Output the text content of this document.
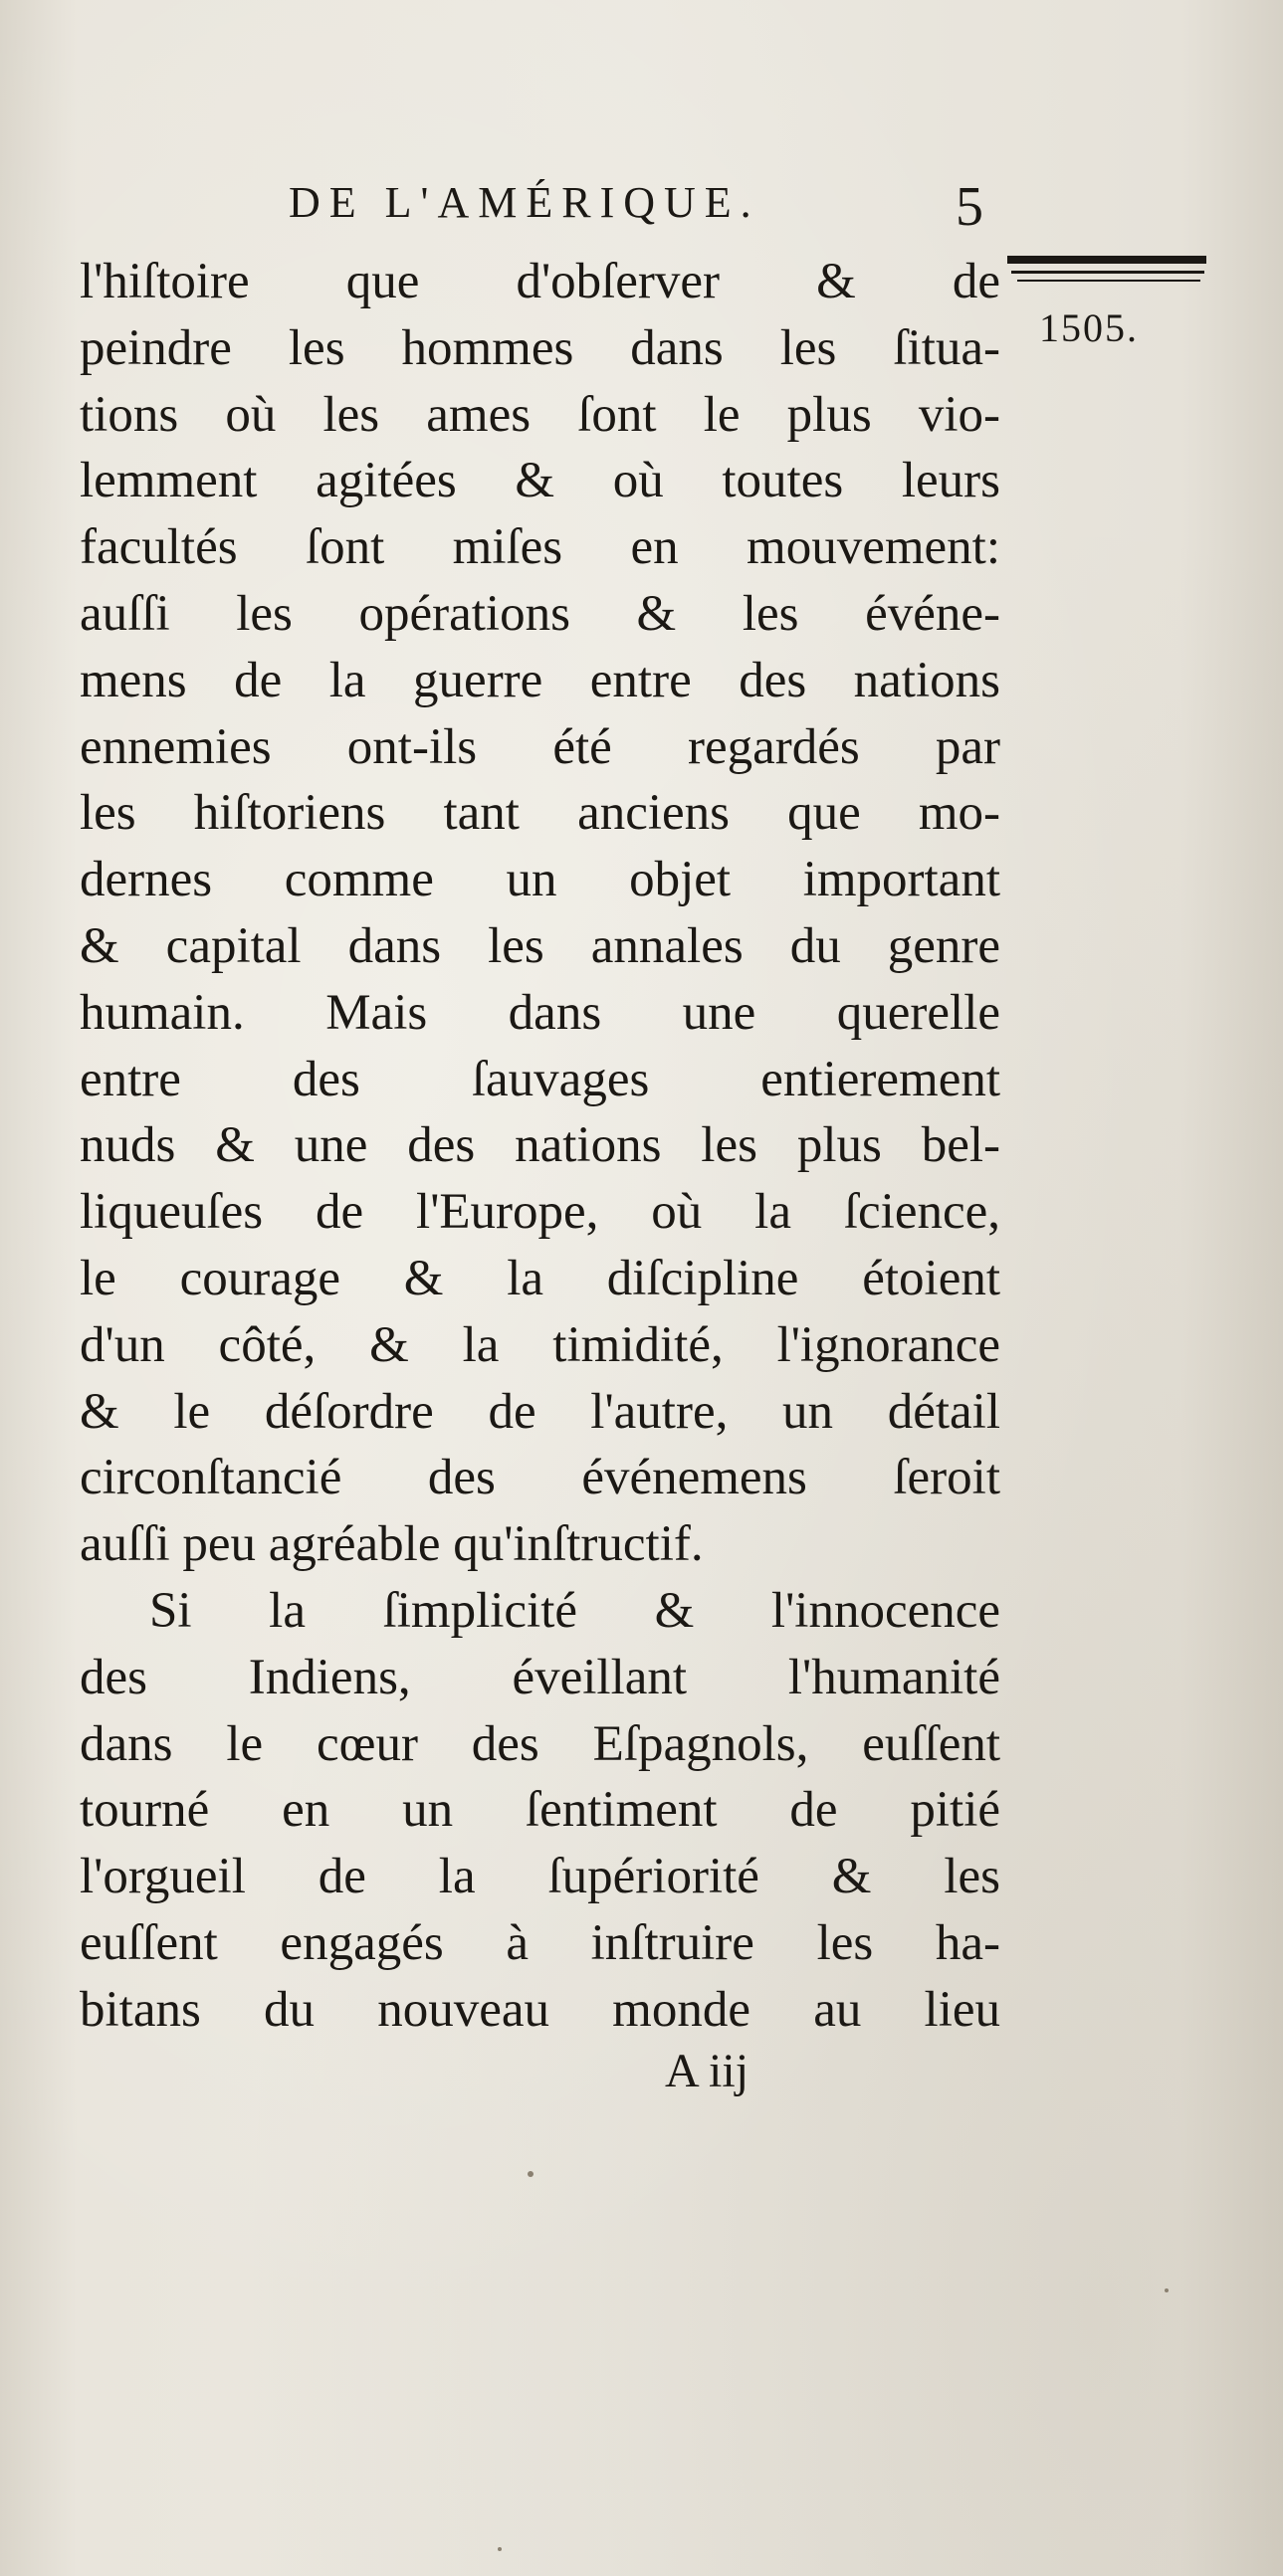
DE L'AMÉRIQUE.	5
1505.
l'hiſtoire que d'obſerver & de
peindre les hommes dans les ſitua-
tions où les ames ſont le plus vio-
lemment agitées & où toutes leurs
facultés ſont miſes en mouvement:
auſſi les opérations & les événe-
mens de la guerre entre des nations
ennemies ont-ils été regardés par
les hiſtoriens tant anciens que mo-
dernes comme un objet important
& capital dans les annales du genre
humain. Mais dans une querelle
entre des ſauvages entierement
nuds & une des nations les plus bel-
liqueuſes de l'Europe, où la ſcience,
le courage & la diſcipline étoient
d'un côté, & la timidité, l'ignorance
& le déſordre de l'autre, un détail
circonſtancié des événemens ſeroit
auſſi peu agréable qu'inſtructif.
Si la ſimplicité & l'innocence
des Indiens, éveillant l'humanité
dans le cœur des Eſpagnols, euſſent
tourné en un ſentiment de pitié
l'orgueil de la ſupériorité & les
euſſent engagés à inſtruire les ha-
bitans du nouveau monde au lieu
A iij
